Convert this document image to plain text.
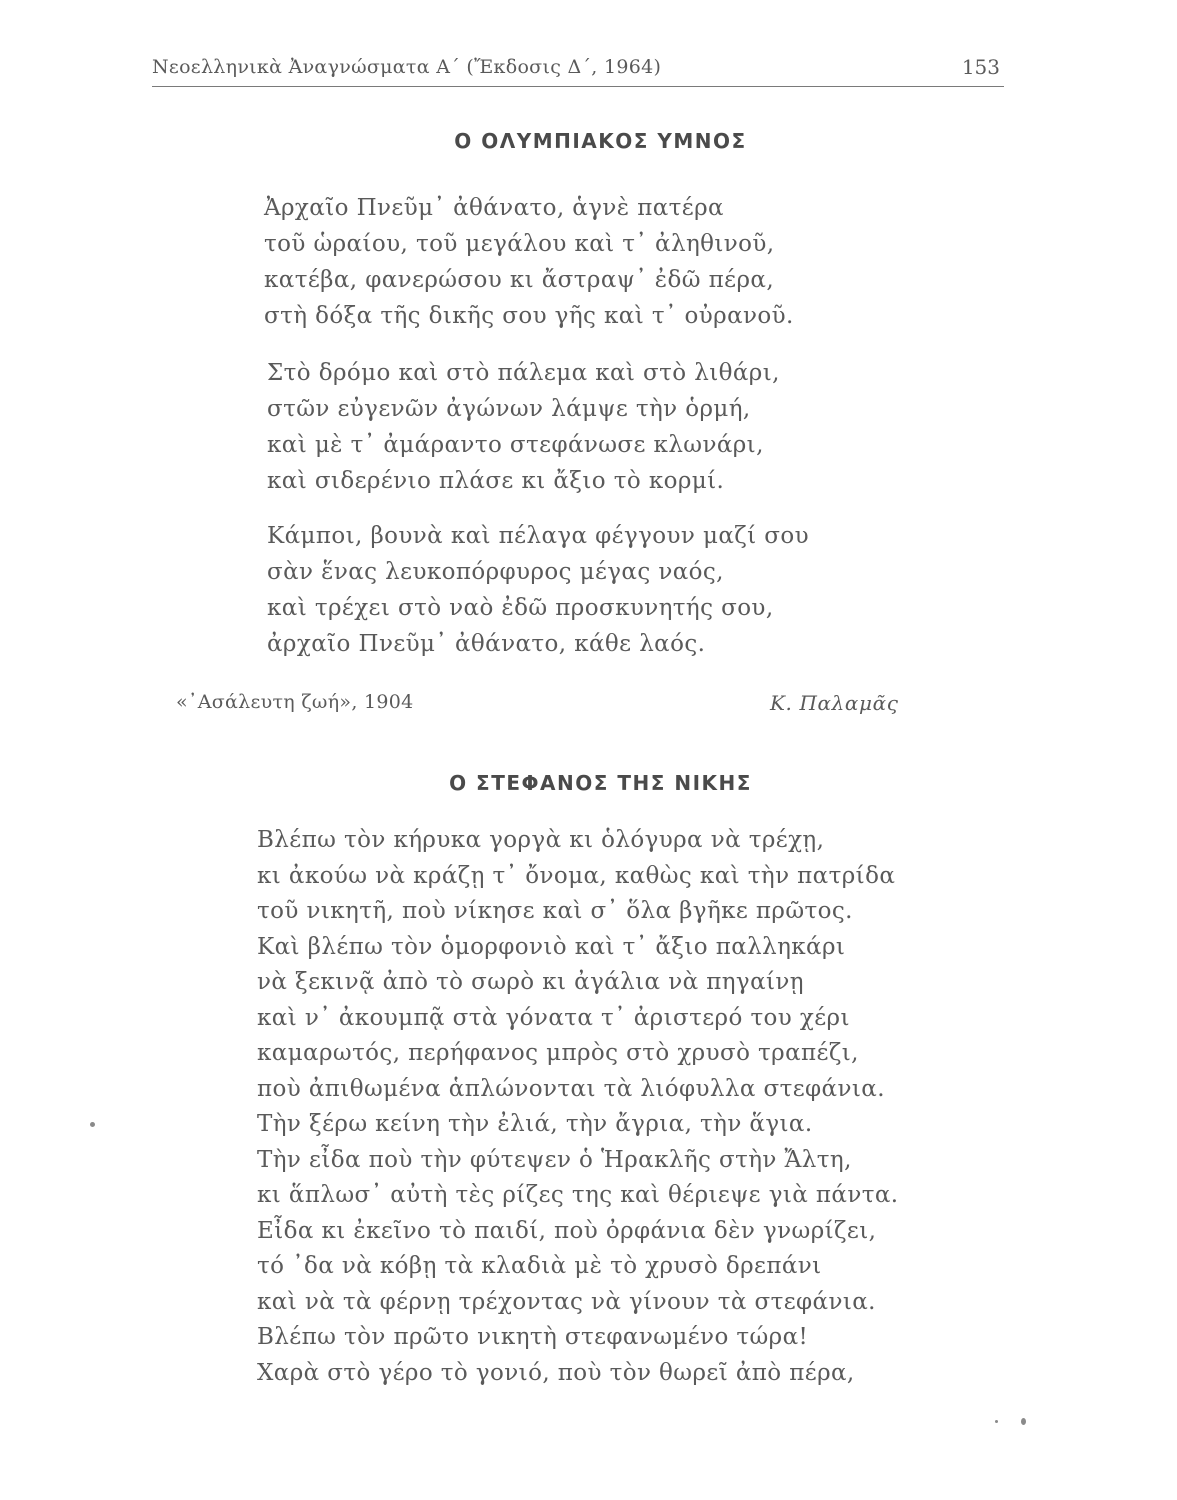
Νεοελληνικὰ Ἀναγνώσματα Α΄ (Ἔκδοσις Δ΄, 1964)	153
Ο ΟΛΥΜΠΙΑΚΟΣ ΥΜΝΟΣ
Ἀρχαῖο Πνεῦμ᾽ ἀθάνατο, ἁγνὲ πατέρα
τοῦ ὡραίου, τοῦ μεγάλου καὶ τ᾽ ἀληθινοῦ,
κατέβα, φανερώσου κι ἄστραψ᾽ ἐδῶ πέρα,
στὴ δόξα τῆς δικῆς σου γῆς καὶ τ᾽ οὐρανοῦ.
Στὸ δρόμο καὶ στὸ πάλεμα καὶ στὸ λιθάρι,
στῶν εὐγενῶν ἀγώνων λάμψε τὴν ὁρμή,
καὶ μὲ τ᾽ ἀμάραντο στεφάνωσε κλωνάρι,
καὶ σιδερένιο πλάσε κι ἄξιο τὸ κορμί.
Κάμποι, βουνὰ καὶ πέλαγα φέγγουν μαζί σου
σὰν ἕνας λευκοπόρφυρος μέγας ναός,
καὶ τρέχει στὸ ναὸ ἐδῶ προσκυνητής σου,
ἀρχαῖο Πνεῦμ᾽ ἀθάνατο, κάθε λαός.
«᾽Ασάλευτη ζωή», 1904	Κ. Παλαμᾶς
Ο ΣΤΕΦΑΝΟΣ ΤΗΣ ΝΙΚΗΣ
Βλέπω τὸν κήρυκα γοργὰ κι ὁλόγυρα νὰ τρέχῃ,
κι ἀκούω νὰ κράζῃ τ᾽ ὄνομα, καθὼς καὶ τὴν πατρίδα
τοῦ νικητῆ, ποὺ νίκησε καὶ σ᾽ ὅλα βγῆκε πρῶτος.
Καὶ βλέπω τὸν ὁμορφονιὸ καὶ τ᾽ ἄξιο παλληκάρι
νὰ ξεκινᾷ ἀπὸ τὸ σωρὸ κι ἀγάλια νὰ πηγαίνῃ
καὶ ν᾽ ἀκουμπᾷ στὰ γόνατα τ᾽ ἀριστερό του χέρι
καμαρωτός, περήφανος μπρὸς στὸ χρυσὸ τραπέζι,
ποὺ ἀπιθωμένα ἁπλώνονται τὰ λιόφυλλα στεφάνια.
Τὴν ξέρω κείνη τὴν ἐλιά, τὴν ἄγρια, τὴν ἅγια.
Τὴν εἶδα ποὺ τὴν φύτεψεν ὁ Ἡρακλῆς στὴν Ἄλτη,
κι ἅπλωσ᾽ αὐτὴ τὲς ρίζες της καὶ θέριεψε γιὰ πάντα.
Εἶδα κι ἐκεῖνο τὸ παιδί, ποὺ ὀρφάνια δὲν γνωρίζει,
τό ᾽δα νὰ κόβῃ τὰ κλαδιὰ μὲ τὸ χρυσὸ δρεπάνι
καὶ νὰ τὰ φέρνῃ τρέχοντας νὰ γίνουν τὰ στεφάνια.
Βλέπω τὸν πρῶτο νικητὴ στεφανωμένο τώρα!
Χαρὰ στὸ γέρο τὸ γονιό, ποὺ τὸν θωρεῖ ἀπὸ πέρα,
